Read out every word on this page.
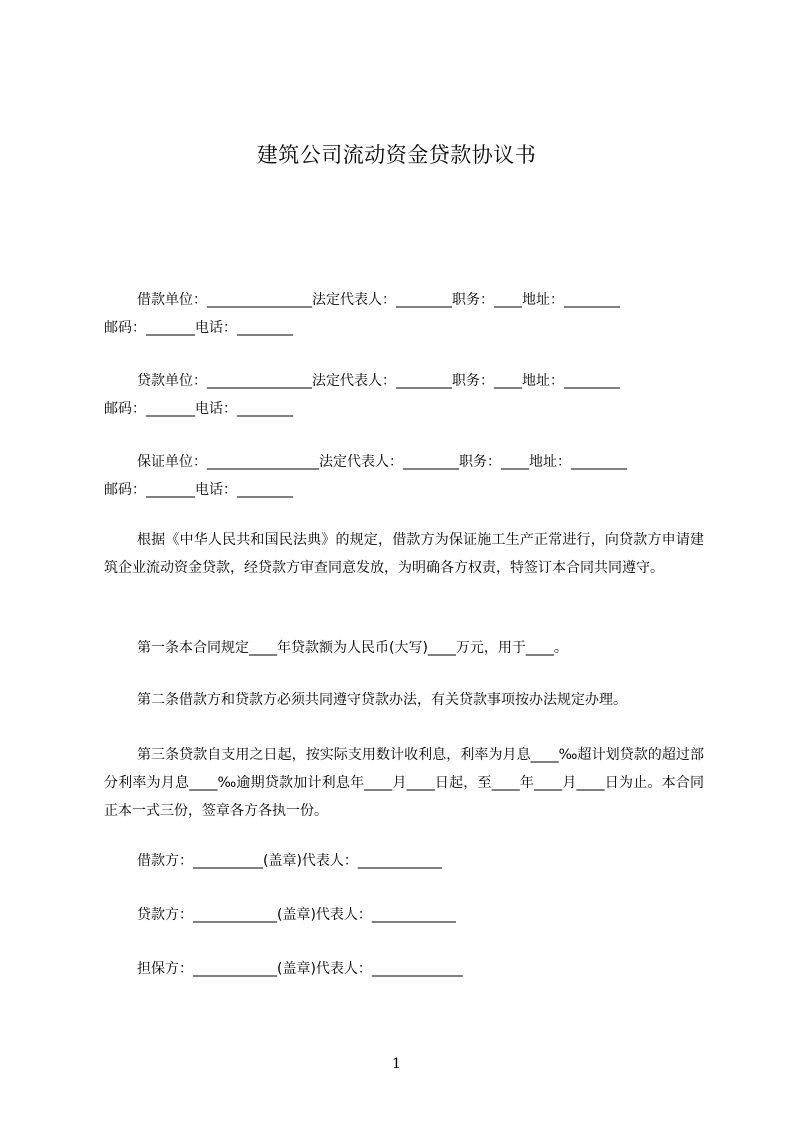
建筑公司流动资金贷款协议书
借款单位：_______________法定代表人：________职务：____地址：________
邮码：_______电话：________
贷款单位：_______________法定代表人：________职务：____地址：________
邮码：_______电话：________
保证单位：________________法定代表人：________职务：____地址：________
邮码：_______电话：________
根据《中华人民共和国民法典》的规定，借款方为保证施工生产正常进行，向贷款方申请建筑企业流动资金贷款，经贷款方审查同意发放，为明确各方权责，特签订本合同共同遵守。
第一条本合同规定____年贷款额为人民币(大写)____万元，用于____。
第二条借款方和贷款方必须共同遵守贷款办法，有关贷款事项按办法规定办理。
第三条贷款自支用之日起，按实际支用数计收利息，利率为月息____‰超计划贷款的超过部分利率为月息____‰逾期贷款加计利息年____月____日起，至____年____月____日为止。本合同正本一式三份，签章各方各执一份。
借款方：__________(盖章)代表人：____________
贷款方：____________(盖章)代表人：____________
担保方：____________(盖章)代表人：_____________
1
